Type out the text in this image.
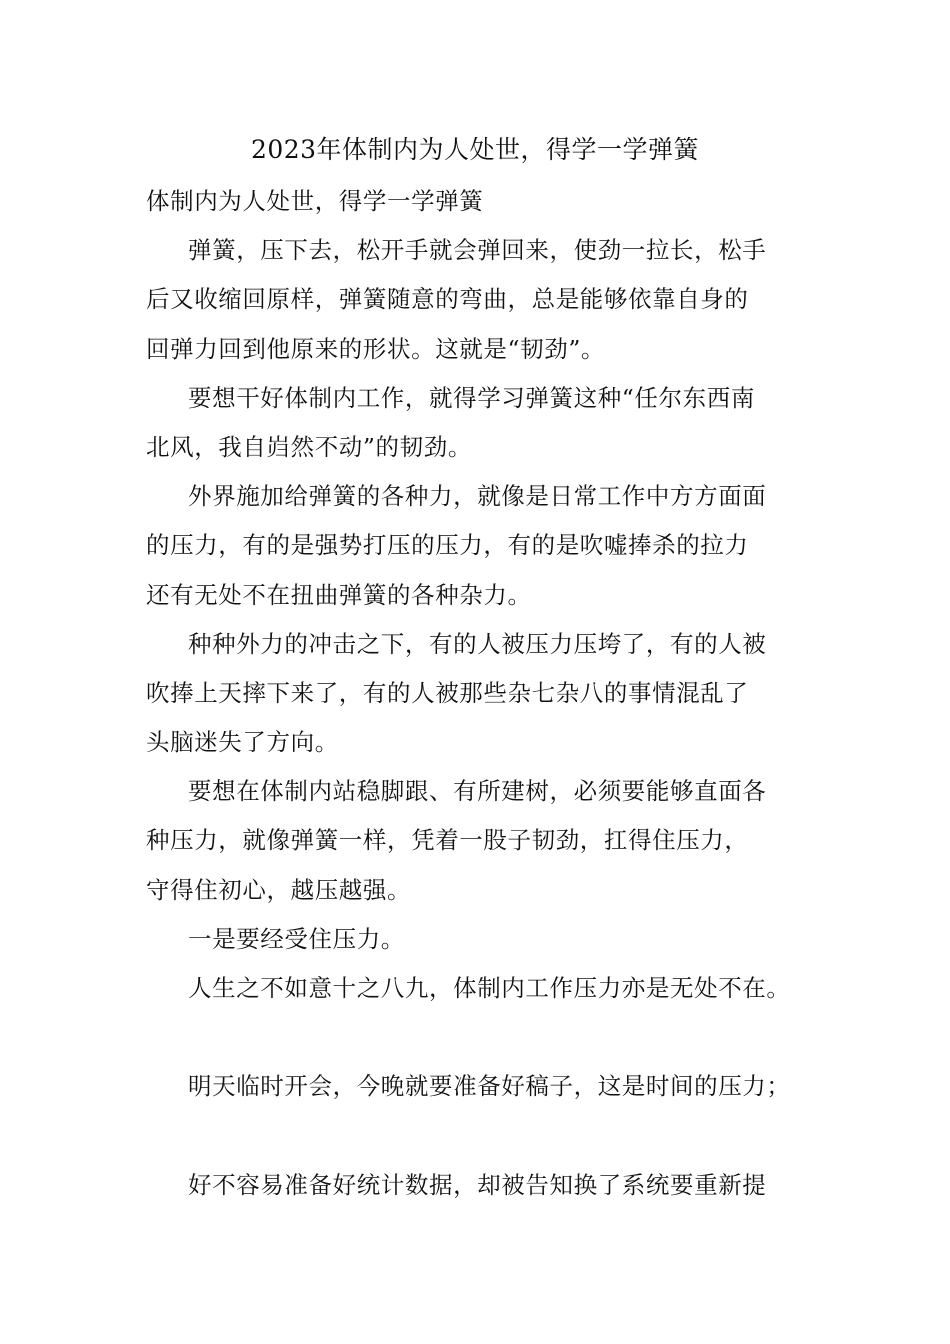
2023年体制内为人处世，得学一学弹簧
体制内为人处世，得学一学弹簧
弹簧，压下去，松开手就会弹回来，使劲一拉长，松手
后又收缩回原样，弹簧随意的弯曲，总是能够依靠自身的
回弹力回到他原来的形状。这就是“韧劲”。
要想干好体制内工作，就得学习弹簧这种“任尔东西南
北风，我自岿然不动”的韧劲。
外界施加给弹簧的各种力，就像是日常工作中方方面面
的压力，有的是强势打压的压力，有的是吹嘘捧杀的拉力
还有无处不在扭曲弹簧的各种杂力。
种种外力的冲击之下，有的人被压力压垮了，有的人被
吹捧上天摔下来了，有的人被那些杂七杂八的事情混乱了
头脑迷失了方向。
要想在体制内站稳脚跟、有所建树，必须要能够直面各
种压力，就像弹簧一样，凭着一股子韧劲，扛得住压力，
守得住初心，越压越强。
一是要经受住压力。
人生之不如意十之八九，体制内工作压力亦是无处不在。
明天临时开会，今晚就要准备好稿子，这是时间的压力；
好不容易准备好统计数据，却被告知换了系统要重新提
